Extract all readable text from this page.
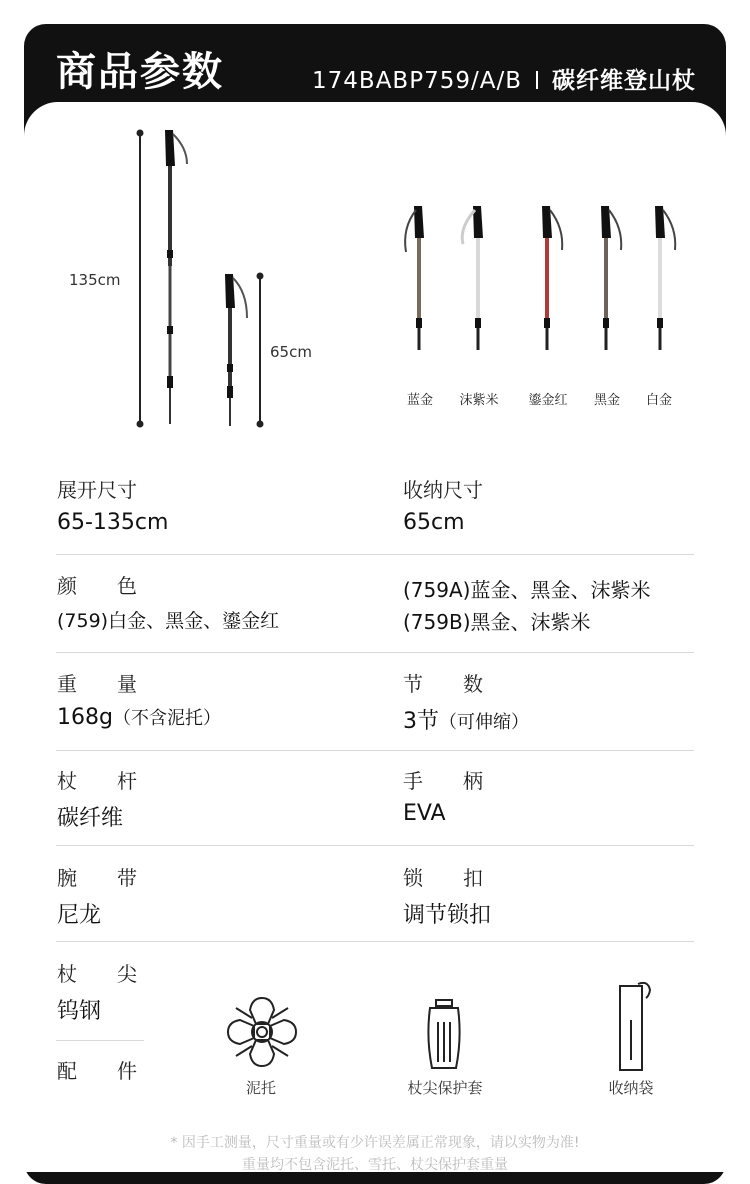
商品参数	174BABP759/A/B 碳纤维登山杖
135cm
65cm
蓝金	沫紫米	鎏金红	黑金	白金
展开尺寸
65-135cm
收纳尺寸
65cm
颜　　色
(759)白金、黑金、鎏金红
(759A)蓝金、黑金、沫紫米
(759B)黑金、沫紫米
重　　量
168g（不含泥托）
节　　数
3节（可伸缩）
杖　　杆
碳纤维
手　　柄
EVA
腕　　带
尼龙
锁　　扣
调节锁扣
杖　　尖
钨钢
配　　件
泥托	杖尖保护套	收纳袋
* 因手工测量，尺寸重量或有少许误差属正常现象，请以实物为准!
重量均不包含泥托、雪托、杖尖保护套重量
